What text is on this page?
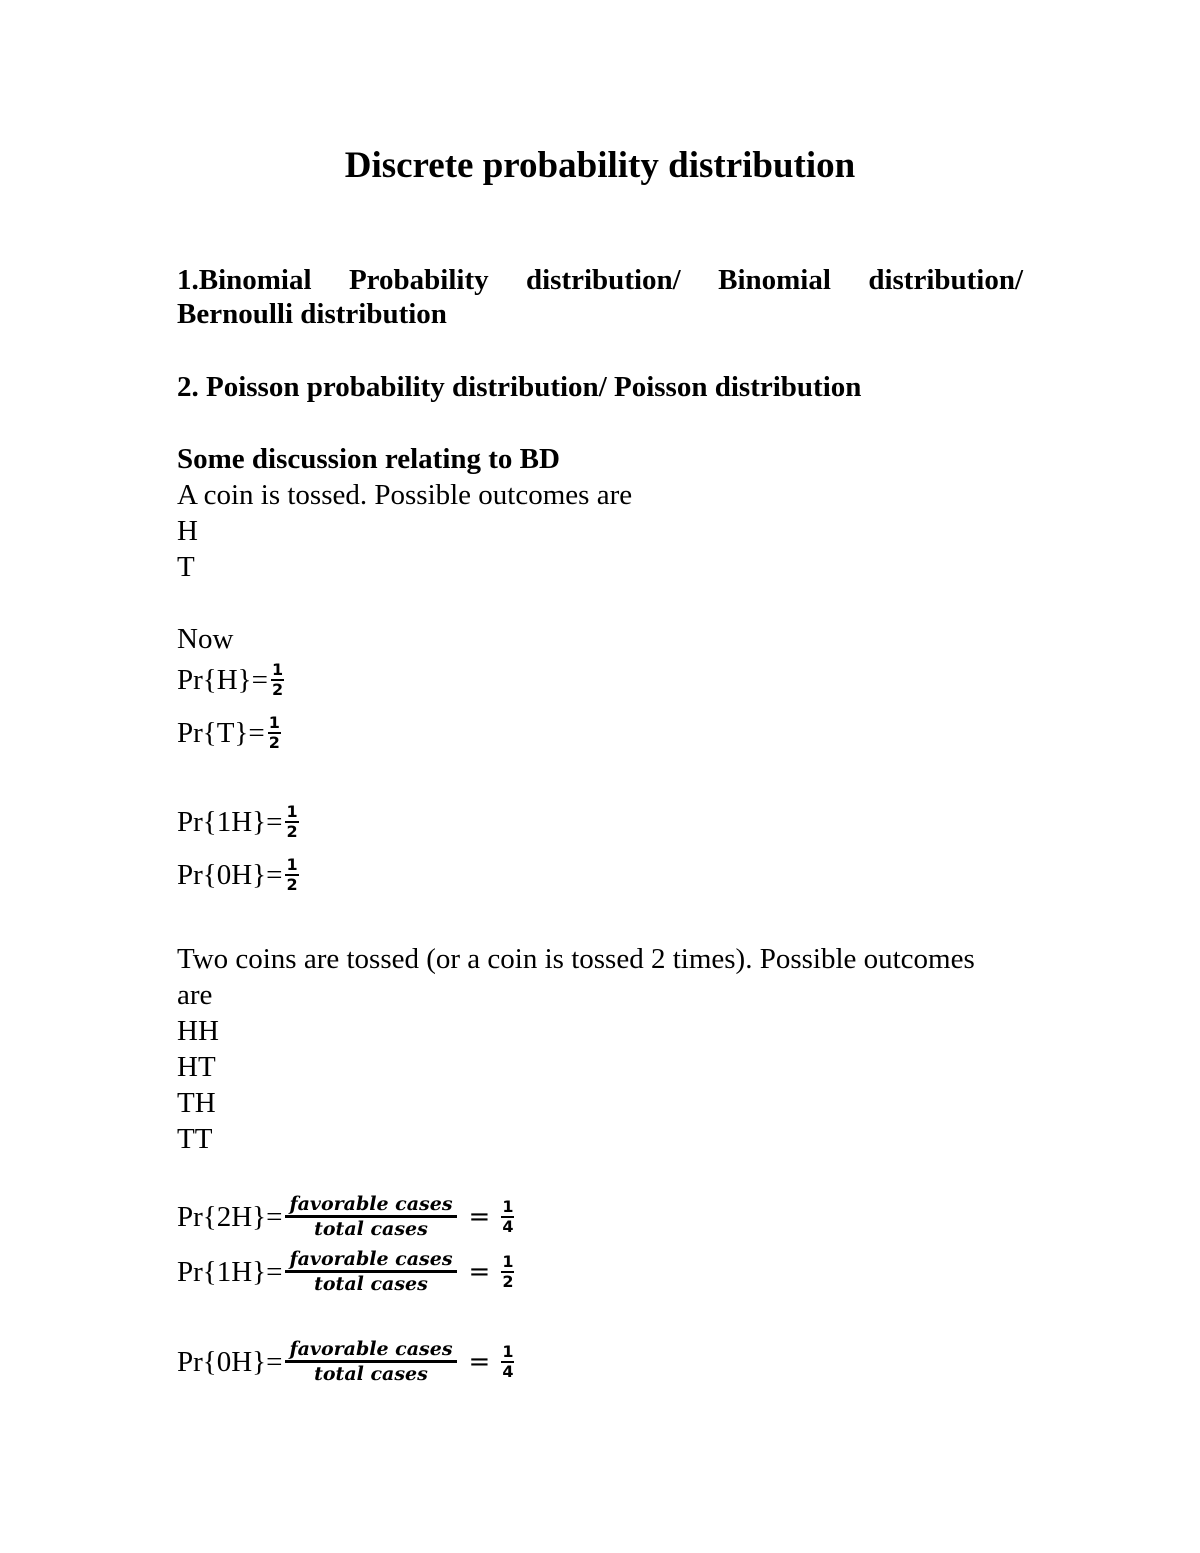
Discrete probability distribution
1.Binomial Probability distribution/ Binomial distribution/
Bernoulli distribution
2. Poisson probability distribution/ Poisson distribution
Some discussion relating to BD
A coin is tossed. Possible outcomes are
H
T
Now
$Pr\{H\}= \frac{1}{2}$
$Pr\{T\}= \frac{1}{2}$
$Pr\{1H\}= \frac{1}{2}$
$Pr\{0H\}= \frac{1}{2}$
Two coins are tossed (or a coin is tossed 2 times). Possible outcomes
are
HH
HT
TH
TT
$Pr\{2H\}= \frac{\text{favorable cases}}{\text{total cases}} = \frac{1}{4}$
$Pr\{1H\}= \frac{\text{favorable cases}}{\text{total cases}} = \frac{1}{2}$
$Pr\{0H\}= \frac{\text{favorable cases}}{\text{total cases}} = \frac{1}{4}$
